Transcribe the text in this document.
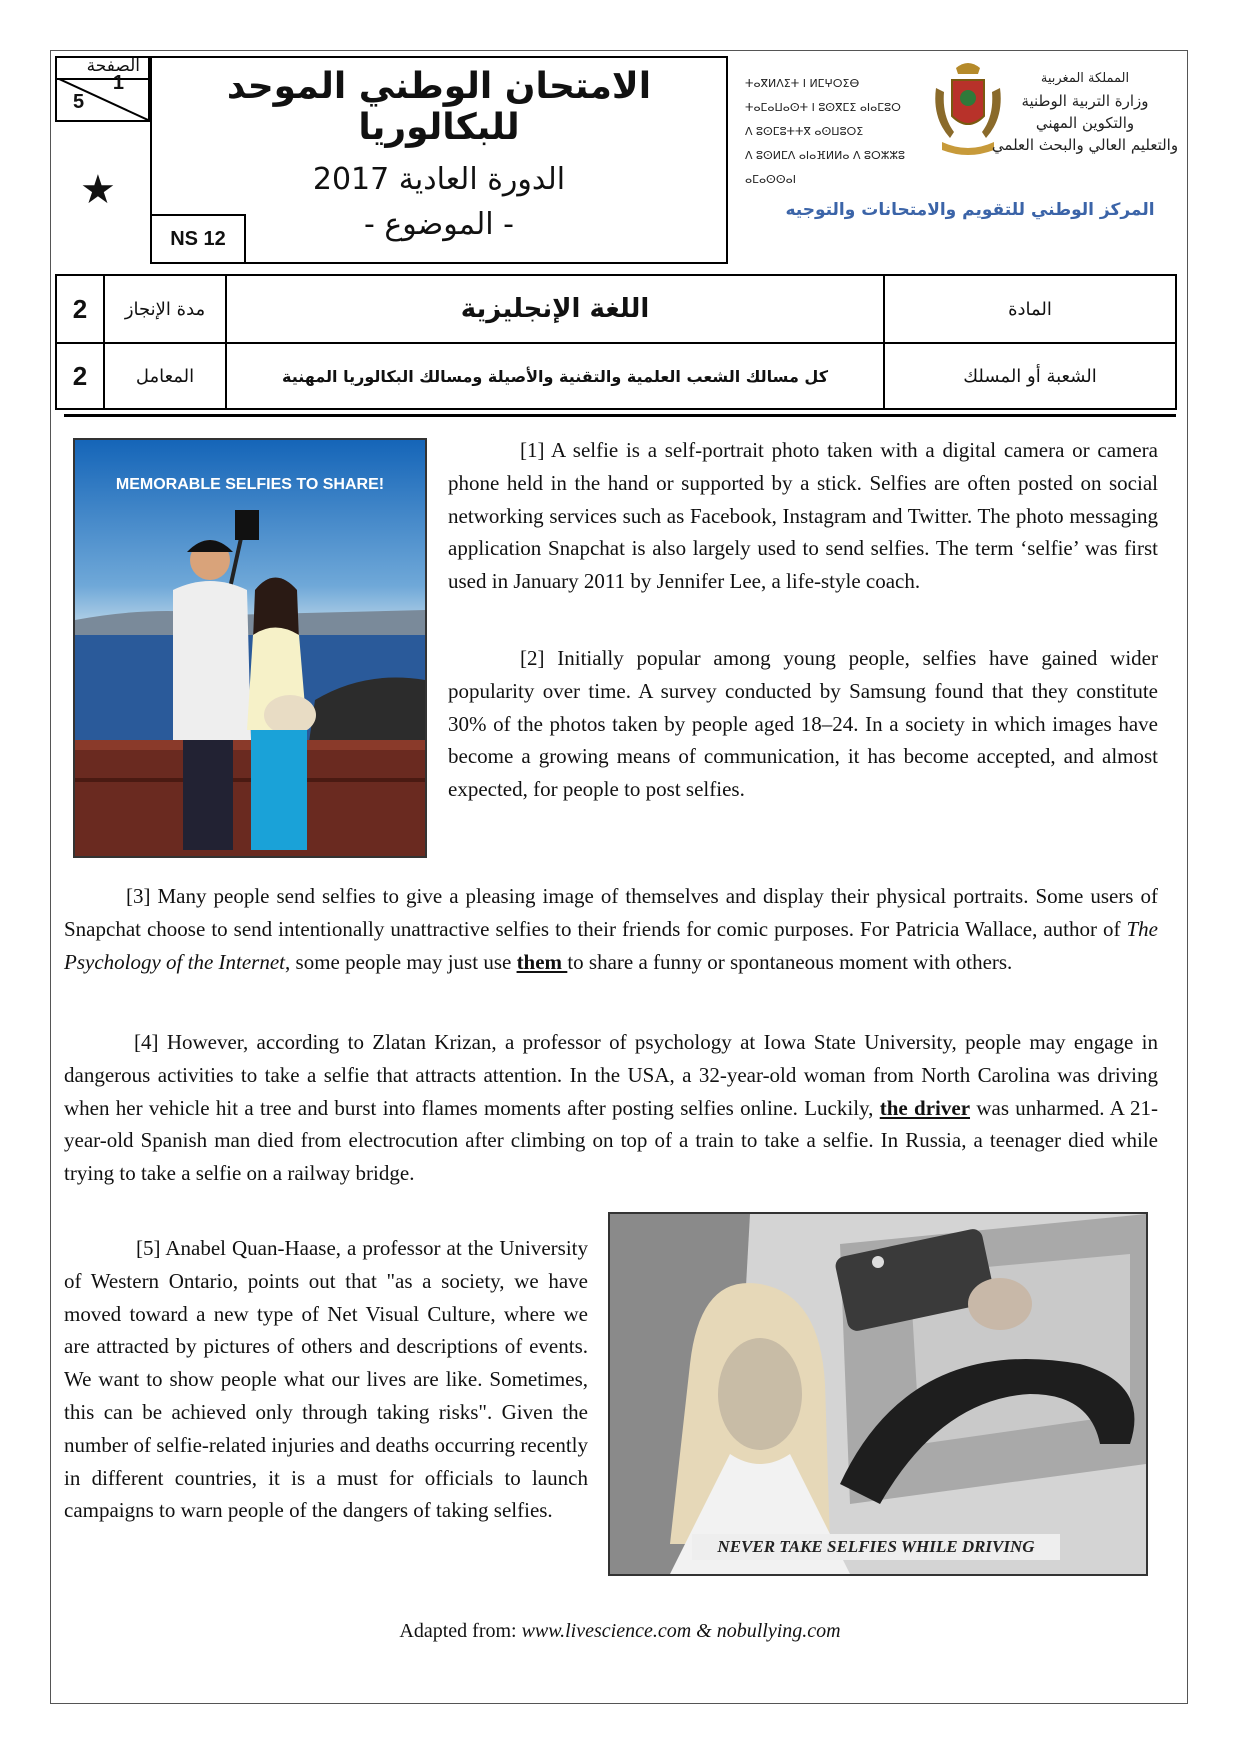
الصفحة
1
5
★
الامتحان الوطني الموحد للبكالوريا
الدورة العادية 2017
- الموضوع -
NS 12
ⵜⴰⴳⵍⴷⵉⵜ ⵏ ⵍⵎⵖⵔⵉⴱ
ⵜⴰⵎⴰⵡⴰⵙⵜ ⵏ ⵓⵙⴳⵎⵉ ⴰⵏⴰⵎⵓⵔ
ⴷ ⵓⵙⵎⵓⵜⵜⴳ ⴰⵙⵡⵓⵔⵉ
ⴷ ⵓⵙⵍⵎⴷ ⴰⵏⴰⴼⵍⵍⴰ ⴷ ⵓⵔⵣⵣⵓ ⴰⵎⴰⵙⵙⴰⵏ
المملكة المغربية
وزارة التربية الوطنية
والتكوين المهني
والتعليم العالي والبحث العلمي
المركز الوطني للتقويم والامتحانات والتوجيه
2	مدة الإنجاز	اللغة الإنجليزية	المادة
2	المعامل	كل مسالك الشعب العلمية والتقنية والأصيلة ومسالك البكالوريا المهنية	الشعبة أو المسلك
MEMORABLE SELFIES TO SHARE!
[1] A selfie is a self-portrait photo taken with a digital camera or camera phone held in the hand or supported by a stick. Selfies are often posted on social networking services such as Facebook, Instagram and Twitter. The photo messaging application Snapchat is also largely used to send selfies. The term ‘selfie’ was first used in January 2011 by Jennifer Lee, a life-style coach.
[2] Initially popular among young people, selfies have gained wider popularity over time. A survey conducted by Samsung found that they constitute 30% of the photos taken by people aged 18–24. In a society in which images have become a growing means of communication, it has become accepted, and almost expected, for people to post selfies.
[3] Many people send selfies to give a pleasing image of themselves and display their physical portraits. Some users of Snapchat choose to send intentionally unattractive selfies to their friends for comic purposes. For Patricia Wallace, author of The Psychology of the Internet, some people may just use them to share a funny or spontaneous moment with others.
[4] However, according to Zlatan Krizan, a professor of psychology at Iowa State University, people may engage in dangerous activities to take a selfie that attracts attention. In the USA, a 32-year-old woman from North Carolina was driving when her vehicle hit a tree and burst into flames moments after posting selfies online. Luckily, the driver was unharmed. A 21-year-old Spanish man died from electrocution after climbing on top of a train to take a selfie. In Russia, a teenager died while trying to take a selfie on a railway bridge.
[5] Anabel Quan-Haase, a professor at the University of Western Ontario, points out that "as a society, we have moved toward a new type of Net Visual Culture, where we are attracted by pictures of others and descriptions of events. We want to show people what our lives are like. Sometimes, this can be achieved only through taking risks". Given the number of selfie-related injuries and deaths occurring recently in different countries, it is a must for officials to launch campaigns to warn people of the dangers of taking selfies.
NEVER TAKE SELFIES WHILE DRIVING
Adapted from: www.livescience.com & nobullying.com
